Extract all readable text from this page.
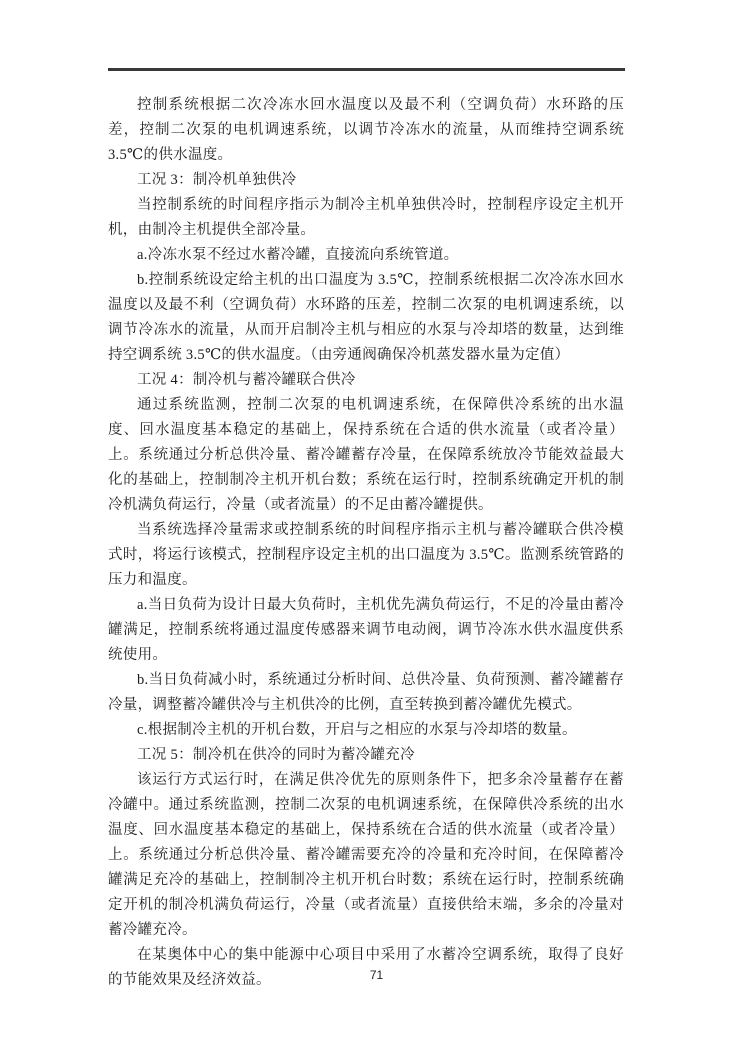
控制系统根据二次冷冻水回水温度以及最不利（空调负荷）水环路的压差，控制二次泵的电机调速系统，以调节冷冻水的流量，从而维持空调系统 3.5℃的供水温度。

工况 3：制冷机单独供冷

当控制系统的时间程序指示为制冷主机单独供冷时，控制程序设定主机开机，由制冷主机提供全部冷量。

a.冷冻水泵不经过水蓄冷罐，直接流向系统管道。

b.控制系统设定给主机的出口温度为 3.5℃，控制系统根据二次冷冻水回水温度以及最不利（空调负荷）水环路的压差，控制二次泵的电机调速系统，以调节冷冻水的流量，从而开启制冷主机与相应的水泵与冷却塔的数量，达到维持空调系统 3.5℃的供水温度。（由旁通阀确保冷机蒸发器水量为定值）

工况 4：制冷机与蓄冷罐联合供冷

通过系统监测，控制二次泵的电机调速系统，在保障供冷系统的出水温度、回水温度基本稳定的基础上，保持系统在合适的供水流量（或者冷量）上。系统通过分析总供冷量、蓄冷罐蓄存冷量，在保障系统放冷节能效益最大化的基础上，控制制冷主机开机台数；系统在运行时，控制系统确定开机的制冷机满负荷运行，冷量（或者流量）的不足由蓄冷罐提供。

当系统选择冷量需求或控制系统的时间程序指示主机与蓄冷罐联合供冷模式时，将运行该模式，控制程序设定主机的出口温度为 3.5℃。监测系统管路的压力和温度。

a.当日负荷为设计日最大负荷时，主机优先满负荷运行，不足的冷量由蓄冷罐满足，控制系统将通过温度传感器来调节电动阀，调节冷冻水供水温度供系统使用。

b.当日负荷减小时，系统通过分析时间、总供冷量、负荷预测、蓄冷罐蓄存冷量，调整蓄冷罐供冷与主机供冷的比例，直至转换到蓄冷罐优先模式。

c.根据制冷主机的开机台数，开启与之相应的水泵与冷却塔的数量。

工况 5：制冷机在供冷的同时为蓄冷罐充冷

该运行方式运行时，在满足供冷优先的原则条件下，把多余冷量蓄存在蓄冷罐中。通过系统监测，控制二次泵的电机调速系统，在保障供冷系统的出水温度、回水温度基本稳定的基础上，保持系统在合适的供水流量（或者冷量）上。系统通过分析总供冷量、蓄冷罐需要充冷的冷量和充冷时间，在保障蓄冷罐满足充冷的基础上，控制制冷主机开机台时数；系统在运行时，控制系统确定开机的制冷机满负荷运行，冷量（或者流量）直接供给末端，多余的冷量对蓄冷罐充冷。

在某奥体中心的集中能源中心项目中采用了水蓄冷空调系统，取得了良好的节能效果及经济效益。	71
